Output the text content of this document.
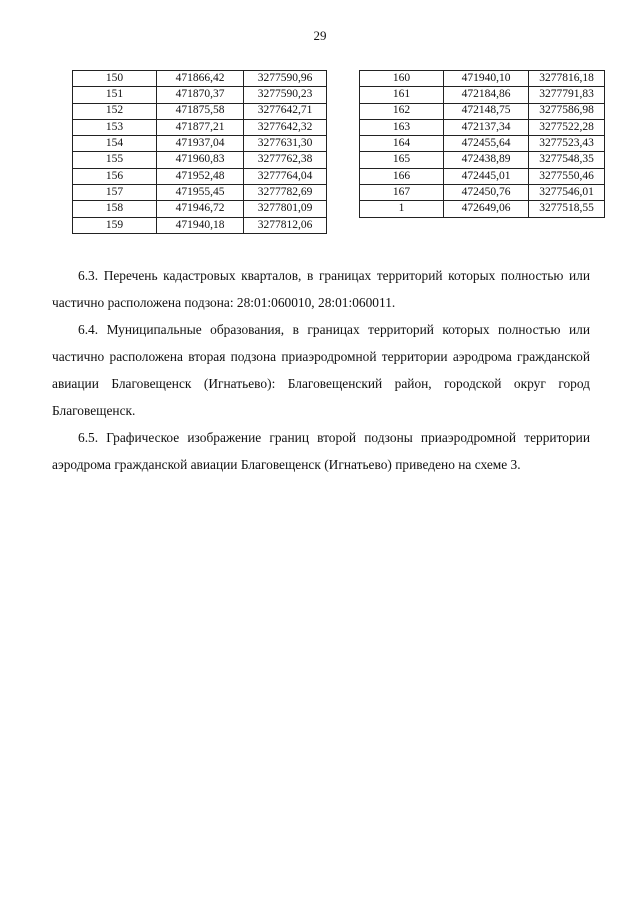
29
150	471866,42	3277590,96
151	471870,37	3277590,23
152	471875,58	3277642,71
153	471877,21	3277642,32
154	471937,04	3277631,30
155	471960,83	3277762,38
156	471952,48	3277764,04
157	471955,45	3277782,69
158	471946,72	3277801,09
159	471940,18	3277812,06
160	471940,10	3277816,18
161	472184,86	3277791,83
162	472148,75	3277586,98
163	472137,34	3277522,28
164	472455,64	3277523,43
165	472438,89	3277548,35
166	472445,01	3277550,46
167	472450,76	3277546,01
1	472649,06	3277518,55

6.3. Перечень кадастровых кварталов, в границах территорий которых полностью или частично расположена подзона: 28:01:060010, 28:01:060011.

6.4. Муниципальные образования, в границах территорий которых полностью или частично расположена вторая подзона приаэродромной территории аэродрома гражданской авиации Благовещенск (Игнатьево): Благовещенский район, городской округ город Благовещенск.

6.5. Графическое изображение границ второй подзоны приаэродромной территории аэродрома гражданской авиации Благовещенск (Игнатьево) приведено на схеме 3.
